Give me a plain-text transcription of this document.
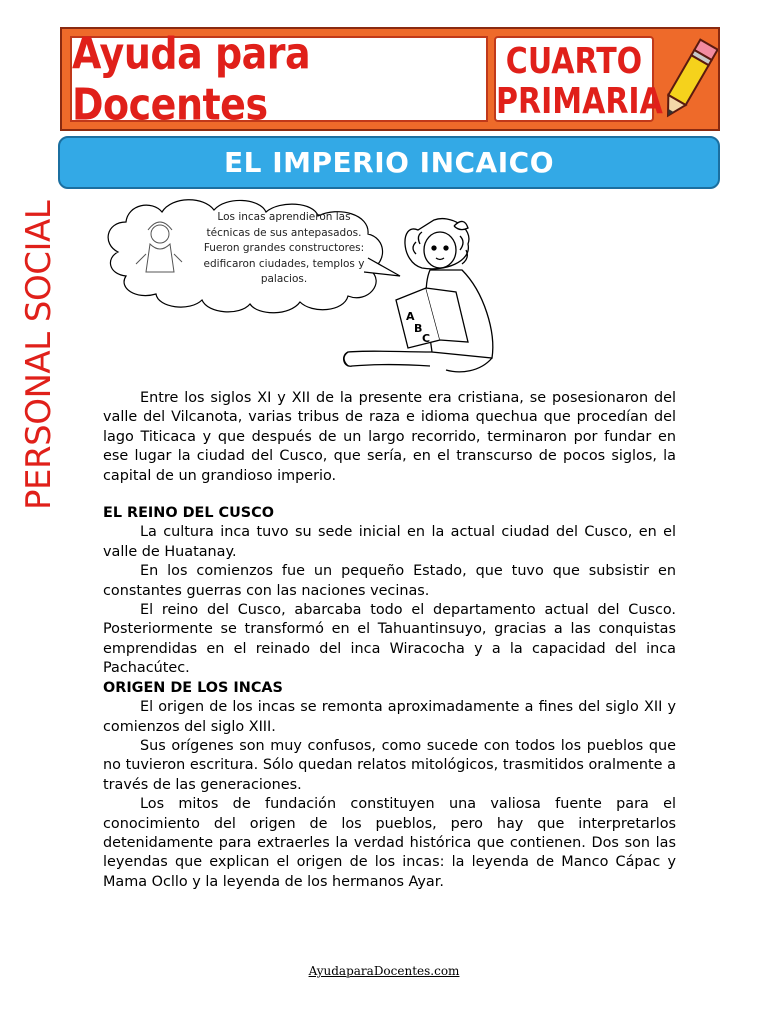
Ayuda para Docentes
CUARTO
PRIMARIA
EL IMPERIO INCAICO
PERSONAL SOCIAL	A
B
C
Los incas aprendieron las
técnicas de sus antepasados.
Fueron grandes constructores:
edificaron ciudades, templos y
palacios.

Entre los siglos XI y XII de la presente era cristiana, se posesionaron del valle del Vilcanota, varias tribus de raza e idioma quechua que procedían del lago Titicaca y que después de un largo recorrido, terminaron por fundar en ese lugar la ciudad del Cusco, que sería, en el transcurso de pocos siglos, la capital de un grandioso imperio.

EL REINO DEL CUSCO

La cultura inca tuvo su sede inicial en la actual ciudad del Cusco, en el valle de Huatanay.

En los comienzos fue un pequeño Estado, que tuvo que subsistir en constantes guerras con las naciones vecinas.

El reino del Cusco, abarcaba todo el departamento actual del Cusco. Posteriormente se transformó en el Tahuantinsuyo, gracias a las conquistas emprendidas en el reinado del inca Wiracocha y a la capacidad del inca Pachacútec.

ORIGEN DE LOS INCAS

El origen de los incas se remonta aproximadamente a fines del siglo XII y comienzos del siglo XIII.

Sus orígenes son muy confusos, como sucede con todos los pueblos que no tuvieron escritura. Sólo quedan relatos mitológicos, trasmitidos oralmente a través de las generaciones.

Los mitos de fundación constituyen una valiosa fuente para el conocimiento del origen de los pueblos, pero hay que interpretarlos detenidamente para extraerles la verdad histórica que contienen. Dos son las leyendas que explican el origen de los incas: la leyenda de Manco Cápac y Mama Ocllo y la leyenda de los hermanos Ayar.

AyudaparaDocentes.com
